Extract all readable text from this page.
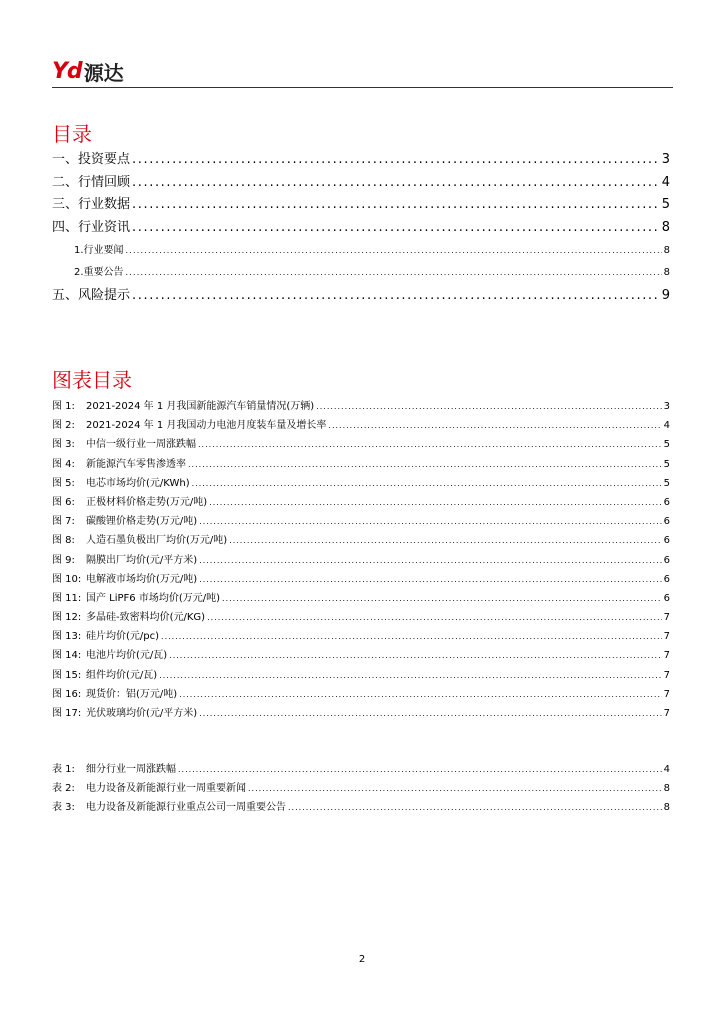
Yd 源达
目录
一、投资要点 .....	3
二、行情回顾 .....	4
三、行业数据 .....	5
四、行业资讯 .....	8
1.行业要闻 .....	8
2.重要公告 .....	8
五、风险提示 .....	9
图表目录
图 1: 2021-2024 年 1 月我国新能源汽车销量情况(万辆) .....	3
图 2: 2021-2024 年 1 月我国动力电池月度装车量及增长率 .....	4
图 3: 中信一级行业一周涨跌幅 .....	5
图 4: 新能源汽车零售渗透率 .....	5
图 5: 电芯市场均价(元/KWh) .....	5
图 6: 正极材料价格走势(万元/吨) .....	6
图 7: 碳酸锂价格走势(万元/吨) .....	6
图 8: 人造石墨负极出厂均价(万元/吨) .....	6
图 9: 隔膜出厂均价(元/平方米) .....	6
图 10: 电解液市场均价(万元/吨) .....	6
图 11: 国产 LiPF6 市场均价(万元/吨) .....	6
图 12: 多晶硅-致密料均价(元/KG) .....	7
图 13: 硅片均价(元/pc) .....	7
图 14: 电池片均价(元/瓦) .....	7
图 15: 组件均价(元/瓦) .....	7
图 16: 现货价：铝(万元/吨) .....	7
图 17: 光伏玻璃均价(元/平方米) .....	7
表 1: 细分行业一周涨跌幅 .....	4
表 2: 电力设备及新能源行业一周重要新闻 .....	8
表 3: 电力设备及新能源行业重点公司一周重要公告 .....	8
2
